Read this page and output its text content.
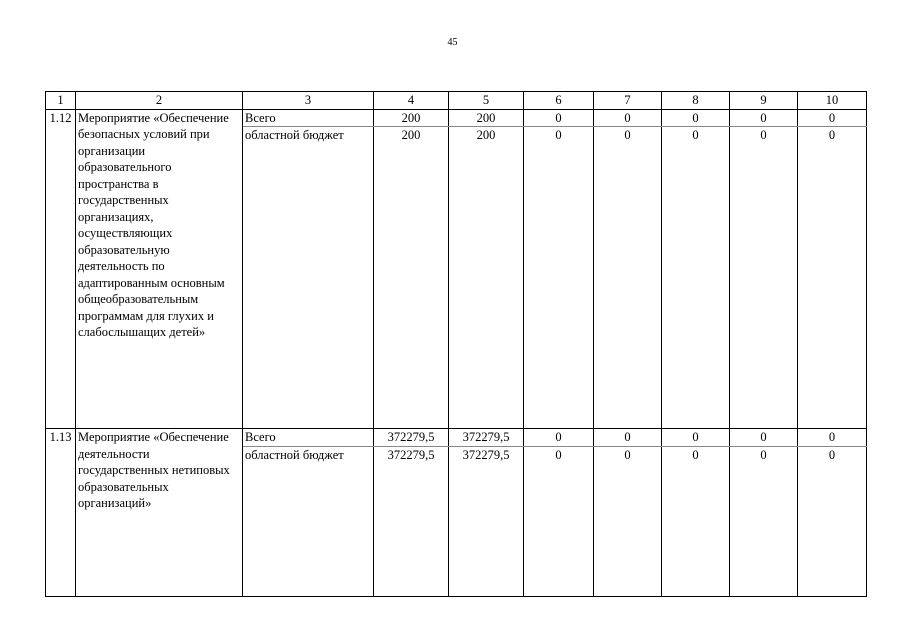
45
1	2	3	4	5	6	7	8	9	10
1.12	Мероприятие «Обеспечение безопасных условий при организации образовательного пространства в государственных организациях, осуществляющих образовательную деятельность по адаптированным основным общеобразовательным программам для глухих и слабослышащих детей»	Всего	200	200	0	0	0	0	0
		областной бюджет	200	200	0	0	0	0	0
1.13	Мероприятие «Обеспечение деятельности государственных нетиповых образовательных организаций»	Всего	372279,5	372279,5	0	0	0	0	0
		областной бюджет	372279,5	372279,5	0	0	0	0	0
